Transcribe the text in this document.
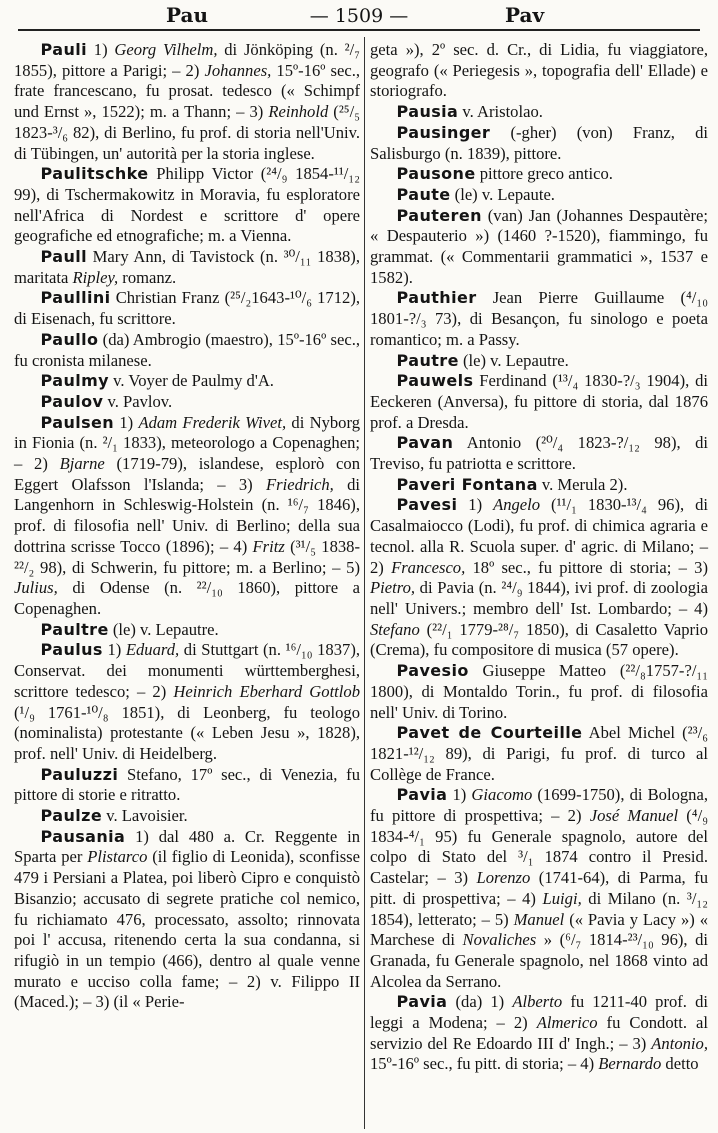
Pau	— 1509 —	Pav

Pauli 1) Georg Vilhelm, di Jönköping (n. ²/₇ 1855), pittore a Parigi; – 2) Johannes, 15º-16º sec., frate francescano, fu prosat. tedesco (« Schimpf und Ernst », 1522); m. a Thann; – 3) Reinhold (²⁵/₅ 1823-³/₆ 82), di Berlino, fu prof. di storia nell'Univ. di Tübingen, un' autorità per la storia inglese.

Paulitschke Philipp Victor (²⁴/₉ 1854-¹¹/₁₂ 99), di Tschermakowitz in Moravia, fu esploratore nell'Africa di Nordest e scrittore d' opere geografiche ed etnografiche; m. a Vienna.

Paull Mary Ann, di Tavistock (n. ³⁰/₁₁ 1838), maritata Ripley, romanz.

Paullini Christian Franz (²⁵/₂1643-¹⁰/₆ 1712), di Eisenach, fu scrittore.

Paullo (da) Ambrogio (maestro), 15º-16º sec., fu cronista milanese.

Paulmy v. Voyer de Paulmy d'A.

Paulov v. Pavlov.

Paulsen 1) Adam Frederik Wivet, di Nyborg in Fionia (n. ²/₁ 1833), meteorologo a Copenaghen; – 2) Bjarne (1719-79), islandese, esplorò con Eggert Olafsson l'Islanda; – 3) Friedrich, di Langenhorn in Schleswig-Holstein (n. ¹⁶/₇ 1846), prof. di filosofia nell' Univ. di Berlino; della sua dottrina scrisse Tocco (1896); – 4) Fritz (³¹/₅ 1838-²²/₂ 98), di Schwerin, fu pittore; m. a Berlino; – 5) Julius, di Odense (n. ²²/₁₀ 1860), pittore a Copenaghen.

Paultre (le) v. Lepautre.

Paulus 1) Eduard, di Stuttgart (n. ¹⁶/₁₀ 1837), Conservat. dei monumenti württemberghesi, scrittore tedesco; – 2) Heinrich Eberhard Gottlob (¹/₉ 1761-¹⁰/₈ 1851), di Leonberg, fu teologo (nominalista) protestante (« Leben Jesu », 1828), prof. nell' Univ. di Heidelberg.

Pauluzzi Stefano, 17º sec., di Venezia, fu pittore di storie e ritratto.

Paulze v. Lavoisier.

Pausania 1) dal 480 a. Cr. Reggente in Sparta per Plistarco (il figlio di Leonida), sconfisse 479 i Persiani a Platea, poi liberò Cipro e conquistò Bisanzio; accusato di segrete pratiche col nemico, fu richiamato 476, processato, assolto; rinnovata poi l' accusa, ritenendo certa la sua condanna, si rifugiò in un tempio (466), dentro al quale venne murato e ucciso colla fame; – 2) v. Filippo II (Maced.); – 3) (il « Perie-

geta »), 2º sec. d. Cr., di Lidia, fu viaggiatore, geografo (« Periegesis », topografia dell' Ellade) e storiografo.

Pausia v. Aristolao.

Pausinger (-gher) (von) Franz, di Salisburgo (n. 1839), pittore.

Pausone pittore greco antico.

Paute (le) v. Lepaute.

Pauteren (van) Jan (Johannes Despautère; « Despauterio ») (1460 ?-1520), fiammingo, fu grammat. (« Commentarii grammatici », 1537 e 1582).

Pauthier Jean Pierre Guillaume (⁴/₁₀ 1801-?/₃ 73), di Besançon, fu sinologo e poeta romantico; m. a Passy.

Pautre (le) v. Lepautre.

Pauwels Ferdinand (¹³/₄ 1830-?/₃ 1904), di Eeckeren (Anversa), fu pittore di storia, dal 1876 prof. a Dresda.

Pavan Antonio (²⁰/₄ 1823-?/₁₂ 98), di Treviso, fu patriotta e scrittore.

Paveri Fontana v. Merula 2).

Pavesi 1) Angelo (¹¹/₁ 1830-¹³/₄ 96), di Casalmaiocco (Lodi), fu prof. di chimica agraria e tecnol. alla R. Scuola super. d' agric. di Milano; – 2) Francesco, 18º sec., fu pittore di storia; – 3) Pietro, di Pavia (n. ²⁴/₉ 1844), ivi prof. di zoologia nell' Univers.; membro dell' Ist. Lombardo; – 4) Stefano (²²/₁ 1779-²⁸/₇ 1850), di Casaletto Vaprio (Crema), fu compositore di musica (57 opere).

Pavesio Giuseppe Matteo (²²/₈1757-?/₁₁ 1800), di Montaldo Torin., fu prof. di filosofia nell' Univ. di Torino.

Pavet de Courteille Abel Michel (²³/₆ 1821-¹²/₁₂ 89), di Parigi, fu prof. di turco al Collège de France.

Pavia 1) Giacomo (1699-1750), di Bologna, fu pittore di prospettiva; – 2) José Manuel (⁴/₉ 1834-⁴/₁ 95) fu Generale spagnolo, autore del colpo di Stato del ³/₁ 1874 contro il Presid. Castelar; – 3) Lorenzo (1741-64), di Parma, fu pitt. di prospettiva; – 4) Luigi, di Milano (n. ³/₁₂ 1854), letterato; – 5) Manuel (« Pavia y Lacy ») « Marchese di Novaliches » (⁶/₇ 1814-²³/₁₀ 96), di Granada, fu Generale spagnolo, nel 1868 vinto ad Alcolea da Serrano.

Pavia (da) 1) Alberto fu 1211-40 prof. di leggi a Modena; – 2) Almerico fu Condott. al servizio del Re Edoardo III d' Ingh.; – 3) Antonio, 15º-16º sec., fu pitt. di storia; – 4) Bernardo detto
